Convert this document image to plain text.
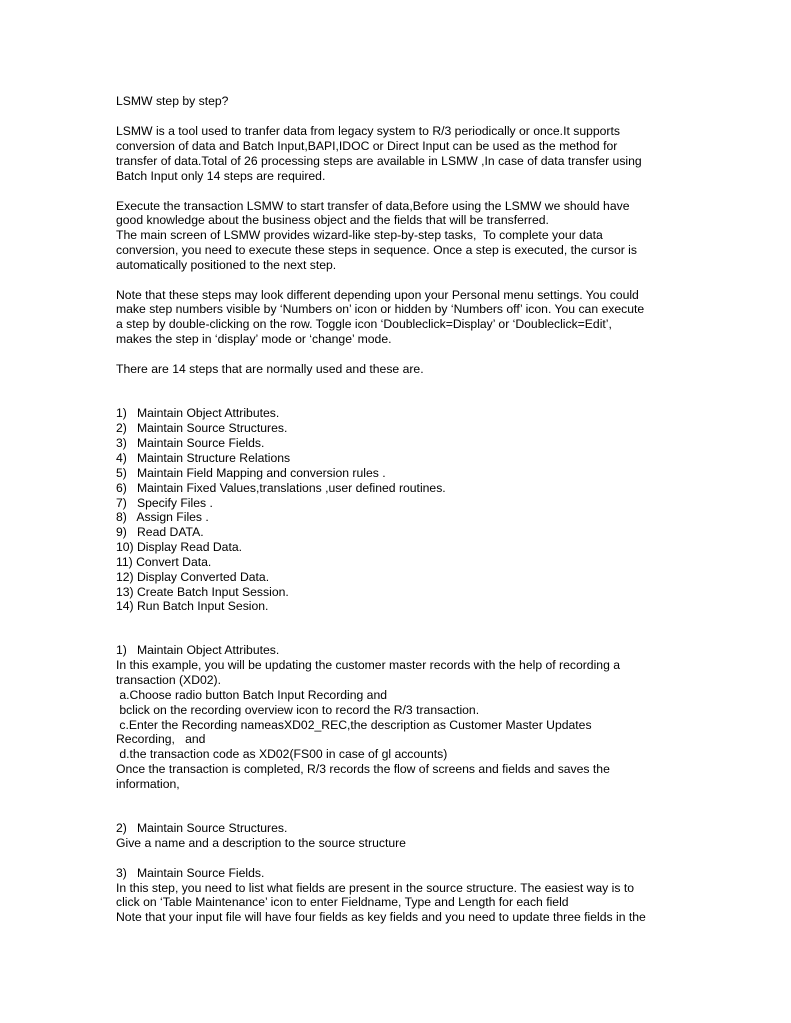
LSMW step by step?
LSMW is a tool used to tranfer data from legacy system to R/3 periodically or once.It supports
conversion of data and Batch Input,BAPI,IDOC or Direct Input can be used as the method for
transfer of data.Total of 26 processing steps are available in LSMW ,In case of data transfer using
Batch Input only 14 steps are required.
Execute the transaction LSMW to start transfer of data,Before using the LSMW we should have
good knowledge about the business object and the fields that will be transferred.
The main screen of LSMW provides wizard-like step-by-step tasks,  To complete your data
conversion, you need to execute these steps in sequence. Once a step is executed, the cursor is
automatically positioned to the next step.
Note that these steps may look different depending upon your Personal menu settings. You could
make step numbers visible by ‘Numbers on’ icon or hidden by ‘Numbers off’ icon. You can execute
a step by double-clicking on the row. Toggle icon ‘Doubleclick=Display’ or ‘Doubleclick=Edit’,
makes the step in ‘display’ mode or ‘change’ mode.
There are 14 steps that are normally used and these are.
1)   Maintain Object Attributes.
2)   Maintain Source Structures.
3)   Maintain Source Fields.
4)   Maintain Structure Relations
5)   Maintain Field Mapping and conversion rules .
6)   Maintain Fixed Values,translations ,user defined routines.
7)   Specify Files .
8)   Assign Files .
9)   Read DATA.
10) Display Read Data.
11) Convert Data.
12) Display Converted Data.
13) Create Batch Input Session.
14) Run Batch Input Sesion.
1)   Maintain Object Attributes.
In this example, you will be updating the customer master records with the help of recording a
transaction (XD02).
a.Choose radio button Batch Input Recording and
bclick on the recording overview icon to record the R/3 transaction.
c.Enter the Recording nameasXD02_REC,the description as Customer Master Updates
Recording,   and
d.the transaction code as XD02(FS00 in case of gl accounts)
Once the transaction is completed, R/3 records the flow of screens and fields and saves the
information,
2)   Maintain Source Structures.
Give a name and a description to the source structure
3)   Maintain Source Fields.
In this step, you need to list what fields are present in the source structure. The easiest way is to
click on ‘Table Maintenance’ icon to enter Fieldname, Type and Length for each field
Note that your input file will have four fields as key fields and you need to update three fields in the
